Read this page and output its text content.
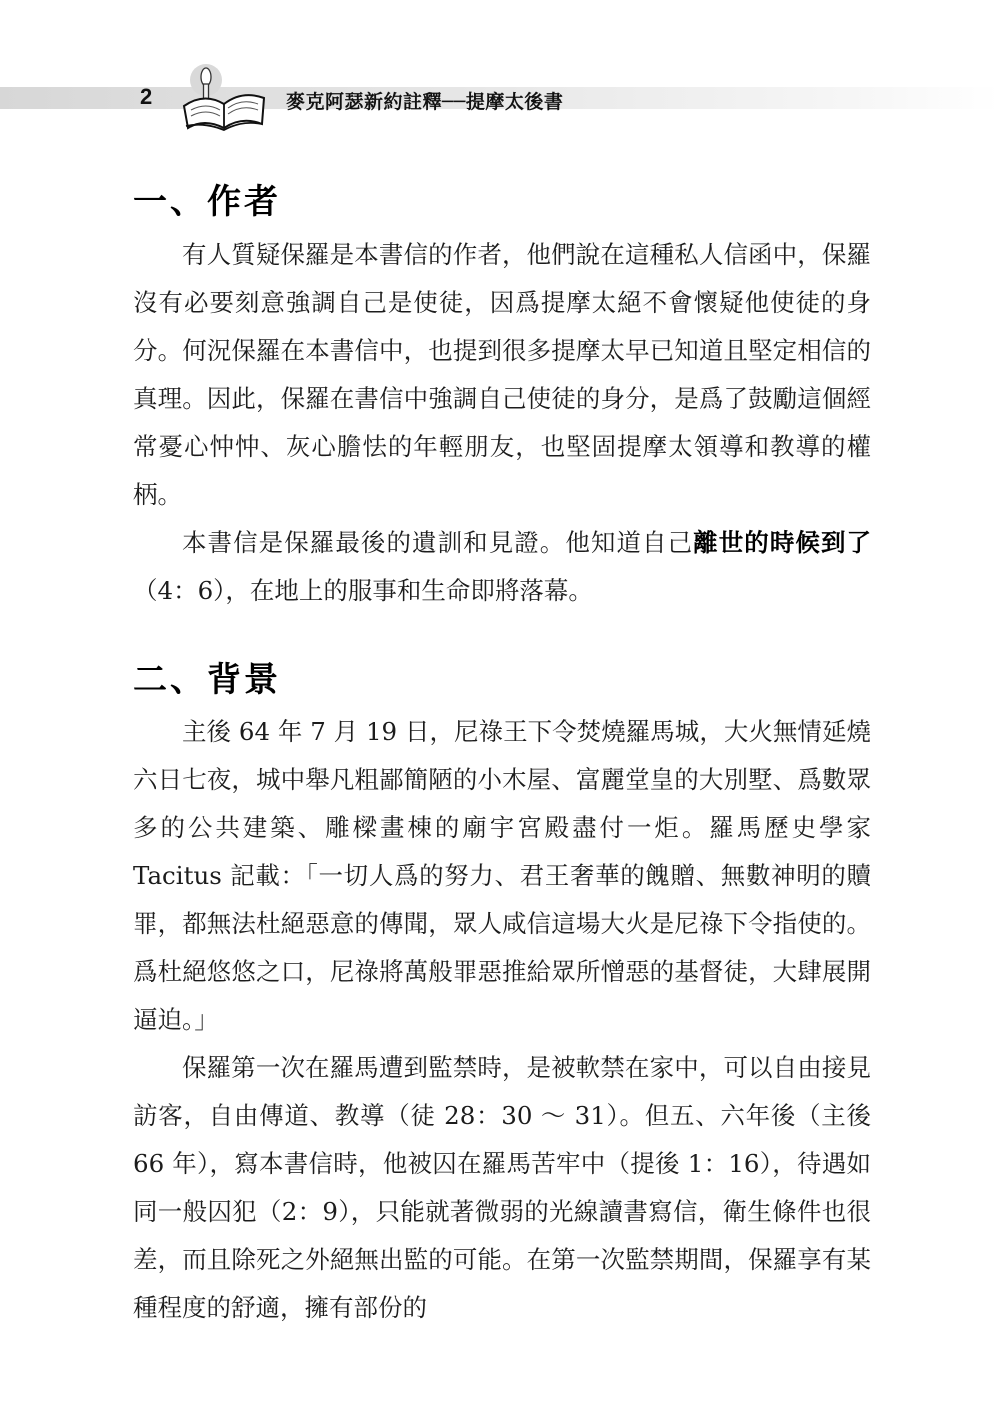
2	麥克阿瑟新約註釋──提摩太後書
一、作者

有人質疑保羅是本書信的作者，他們說在這種私人信函中，保羅沒有必要刻意強調自己是使徒，因爲提摩太絕不會懷疑他使徒的身分。何況保羅在本書信中，也提到很多提摩太早已知道且堅定相信的真理。因此，保羅在書信中強調自己使徒的身分，是爲了鼓勵這個經常憂心忡忡、灰心膽怯的年輕朋友，也堅固提摩太領導和教導的權柄。

本書信是保羅最後的遺訓和見證。他知道自己離世的時候到了（4：6），在地上的服事和生命即將落幕。

二、背景

主後 64 年 7 月 19 日，尼祿王下令焚燒羅馬城，大火無情延燒六日七夜，城中舉凡粗鄙簡陋的小木屋、富麗堂皇的大別墅、爲數眾多的公共建築、雕樑畫棟的廟宇宮殿盡付一炬。羅馬歷史學家 Tacitus 記載：「一切人爲的努力、君王奢華的餽贈、無數神明的贖罪，都無法杜絕惡意的傳聞，眾人咸信這場大火是尼祿下令指使的。爲杜絕悠悠之口，尼祿將萬般罪惡推給眾所憎惡的基督徒，大肆展開逼迫。」

保羅第一次在羅馬遭到監禁時，是被軟禁在家中，可以自由接見訪客，自由傳道、教導（徒 28：30 ～ 31）。但五、六年後（主後 66 年），寫本書信時，他被囚在羅馬苦牢中（提後 1：16），待遇如同一般囚犯（2：9），只能就著微弱的光線讀書寫信，衛生條件也很差，而且除死之外絕無出監的可能。在第一次監禁期間，保羅享有某種程度的舒適，擁有部份的
